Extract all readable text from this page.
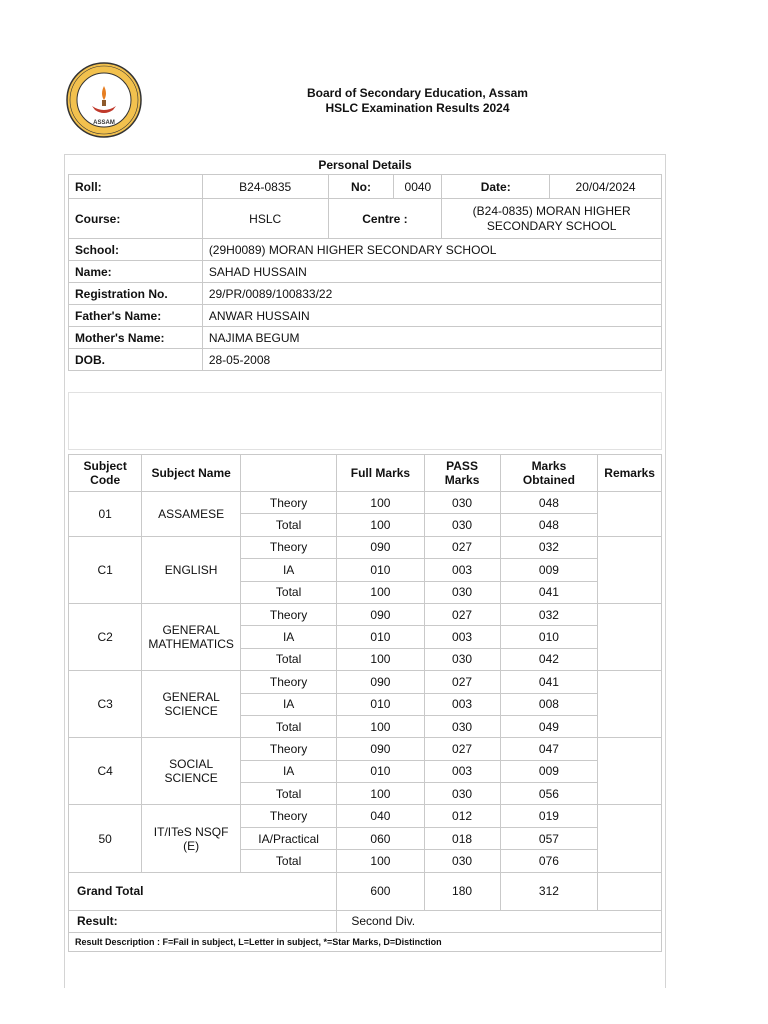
ASSAM
Board of Secondary Education, Assam
HSLC Examination Results 2024
Personal Details					
Roll:	B24-0835	No:	0040	Date:	20/04/2024
Course:	HSLC	Centre :		(B24-0835) MORAN HIGHER SECONDARY SCHOOL	
School:	(29H0089) MORAN HIGHER SECONDARY SCHOOL				
Name:	SAHAD HUSSAIN				
Registration No.	29/PR/0089/100833/22				
Father's Name:	ANWAR HUSSAIN				
Mother's Name:	NAJIMA BEGUM				
DOB.	28-05-2008				
Subject Code	Subject Name		Full Marks	PASS Marks	Marks Obtained	Remarks
01	ASSAMESE	Theory	100	030	048	
		Total	100	030	048	
C1	ENGLISH	Theory	090	027	032	
		IA	010	003	009	
		Total	100	030	041	
C2	GENERAL MATHEMATICS	Theory	090	027	032	
		IA	010	003	010	
		Total	100	030	042	
C3	GENERAL SCIENCE	Theory	090	027	041	
		IA	010	003	008	
		Total	100	030	049	
C4	SOCIAL SCIENCE	Theory	090	027	047	
		IA	010	003	009	
		Total	100	030	056	
50	IT/ITeS NSQF (E)	Theory	040	012	019	
		IA/Practical	060	018	057	
		Total	100	030	076	
Grand Total			600	180	312	
Result:			Second Div.			
Result Description : F=Fail in subject, L=Letter in subject, *=Star Marks, D=Distinction						
